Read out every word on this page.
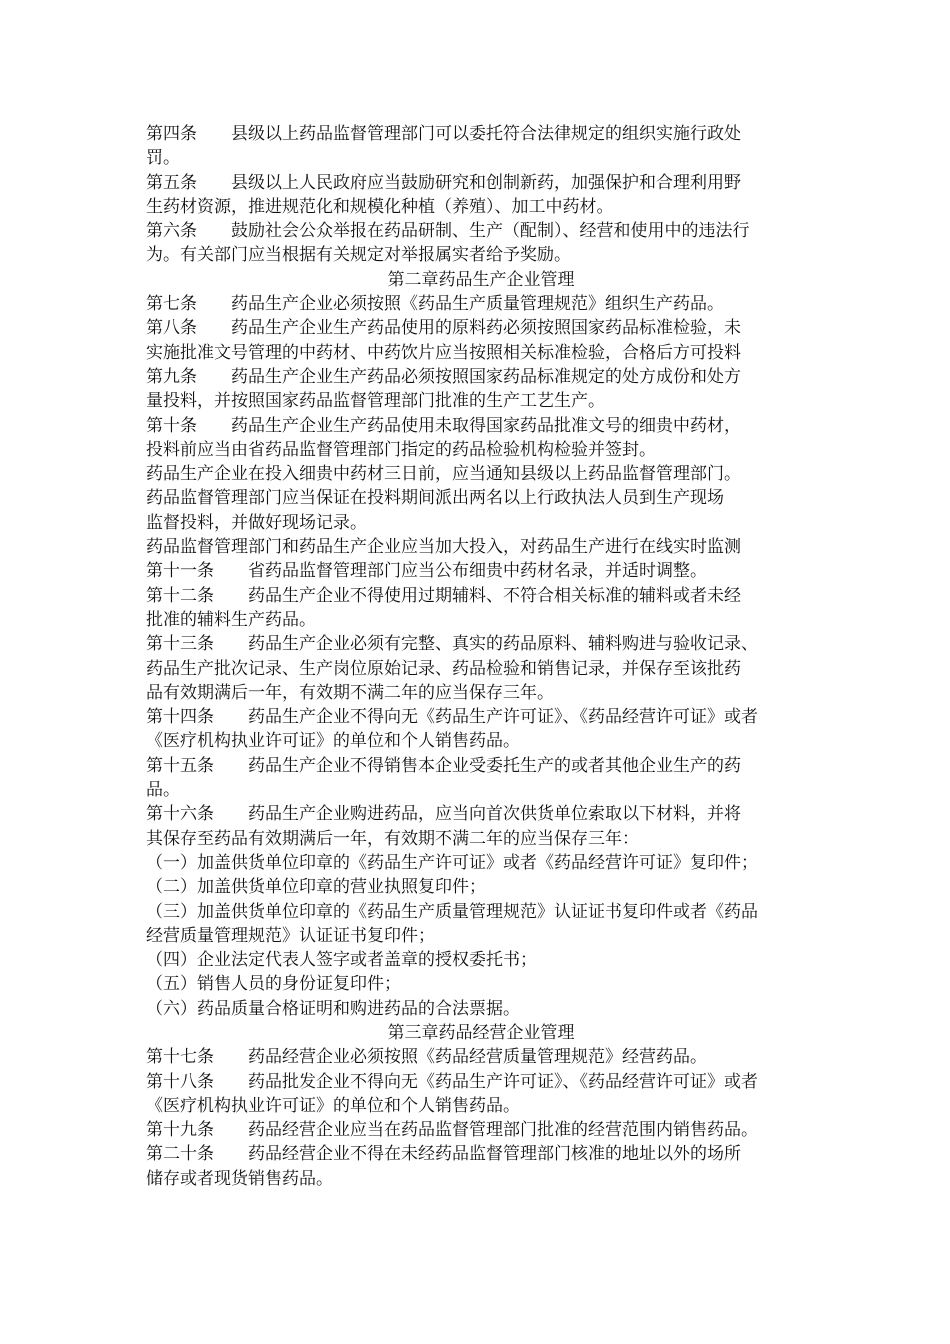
第四条　　县级以上药品监督管理部门可以委托符合法律规定的组织实施行政处
罚。
第五条　　县级以上人民政府应当鼓励研究和创制新药，加强保护和合理利用野
生药材资源，推进规范化和规模化种植（养殖）、加工中药材。
第六条　　鼓励社会公众举报在药品研制、生产（配制）、经营和使用中的违法行
为。有关部门应当根据有关规定对举报属实者给予奖励。
第二章药品生产企业管理
第七条　　药品生产企业必须按照《药品生产质量管理规范》组织生产药品。
第八条　　药品生产企业生产药品使用的原料药必须按照国家药品标准检验，未
实施批准文号管理的中药材、中药饮片应当按照相关标准检验，合格后方可投料
第九条　　药品生产企业生产药品必须按照国家药品标准规定的处方成份和处方
量投料，并按照国家药品监督管理部门批准的生产工艺生产。
第十条　　药品生产企业生产药品使用未取得国家药品批准文号的细贵中药材，
投料前应当由省药品监督管理部门指定的药品检验机构检验并签封。
药品生产企业在投入细贵中药材三日前，应当通知县级以上药品监督管理部门。
药品监督管理部门应当保证在投料期间派出两名以上行政执法人员到生产现场
监督投料，并做好现场记录。
药品监督管理部门和药品生产企业应当加大投入，对药品生产进行在线实时监测
第十一条　　省药品监督管理部门应当公布细贵中药材名录，并适时调整。
第十二条　　药品生产企业不得使用过期辅料、不符合相关标准的辅料或者未经
批准的辅料生产药品。
第十三条　　药品生产企业必须有完整、真实的药品原料、辅料购进与验收记录、
药品生产批次记录、生产岗位原始记录、药品检验和销售记录，并保存至该批药
品有效期满后一年，有效期不满二年的应当保存三年。
第十四条　　药品生产企业不得向无《药品生产许可证》、《药品经营许可证》或者
《医疗机构执业许可证》的单位和个人销售药品。
第十五条　　药品生产企业不得销售本企业受委托生产的或者其他企业生产的药
品。
第十六条　　药品生产企业购进药品，应当向首次供货单位索取以下材料，并将
其保存至药品有效期满后一年，有效期不满二年的应当保存三年：
（一）加盖供货单位印章的《药品生产许可证》或者《药品经营许可证》复印件；
（二）加盖供货单位印章的营业执照复印件；
（三）加盖供货单位印章的《药品生产质量管理规范》认证证书复印件或者《药品
经营质量管理规范》认证证书复印件；
（四）企业法定代表人签字或者盖章的授权委托书；
（五）销售人员的身份证复印件；
（六）药品质量合格证明和购进药品的合法票据。
第三章药品经营企业管理
第十七条　　药品经营企业必须按照《药品经营质量管理规范》经营药品。
第十八条　　药品批发企业不得向无《药品生产许可证》、《药品经营许可证》或者
《医疗机构执业许可证》的单位和个人销售药品。
第十九条　　药品经营企业应当在药品监督管理部门批准的经营范围内销售药品。
第二十条　　药品经营企业不得在未经药品监督管理部门核准的地址以外的场所
储存或者现货销售药品。
